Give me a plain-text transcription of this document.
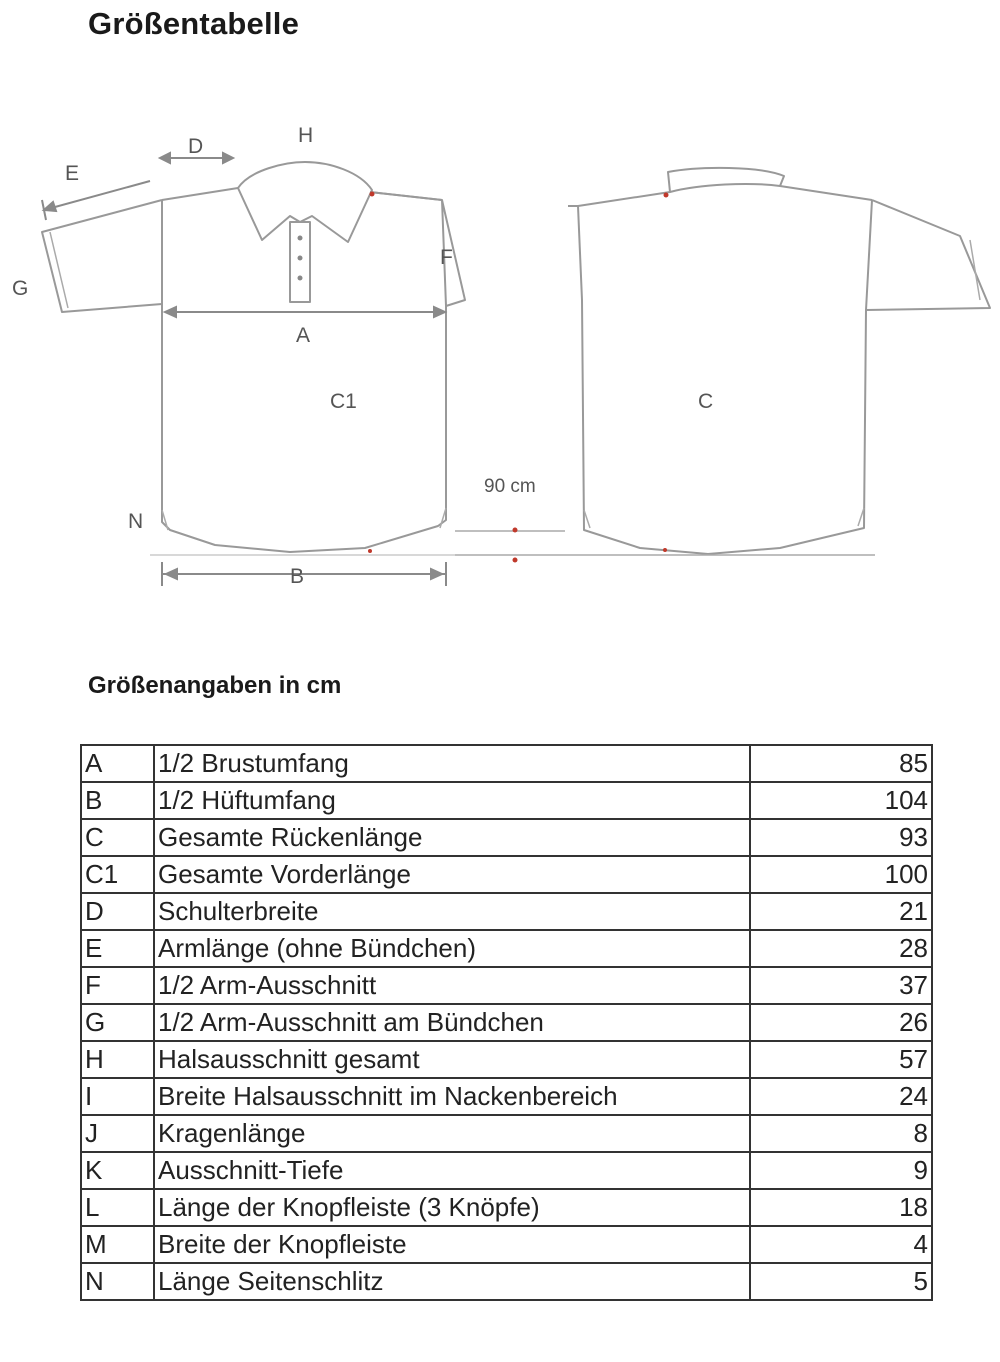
Größentabelle
A
B
C1	C
D
E
F
G
H
N
90 cm
Größenangaben in cm
A	1/2 Brustumfang	85
B	1/2 Hüftumfang	104
C	Gesamte Rückenlänge	93
C1	Gesamte Vorderlänge	100
D	Schulterbreite	21
E	Armlänge (ohne Bündchen)	28
F	1/2 Arm-Ausschnitt	37
G	1/2 Arm-Ausschnitt am Bündchen	26
H	Halsausschnitt gesamt	57
I	Breite Halsausschnitt im Nackenbereich	24
J	Kragenlänge	8
K	Ausschnitt-Tiefe	9
L	Länge der Knopfleiste (3 Knöpfe)	18
M	Breite der Knopfleiste	4
N	Länge Seitenschlitz	5
